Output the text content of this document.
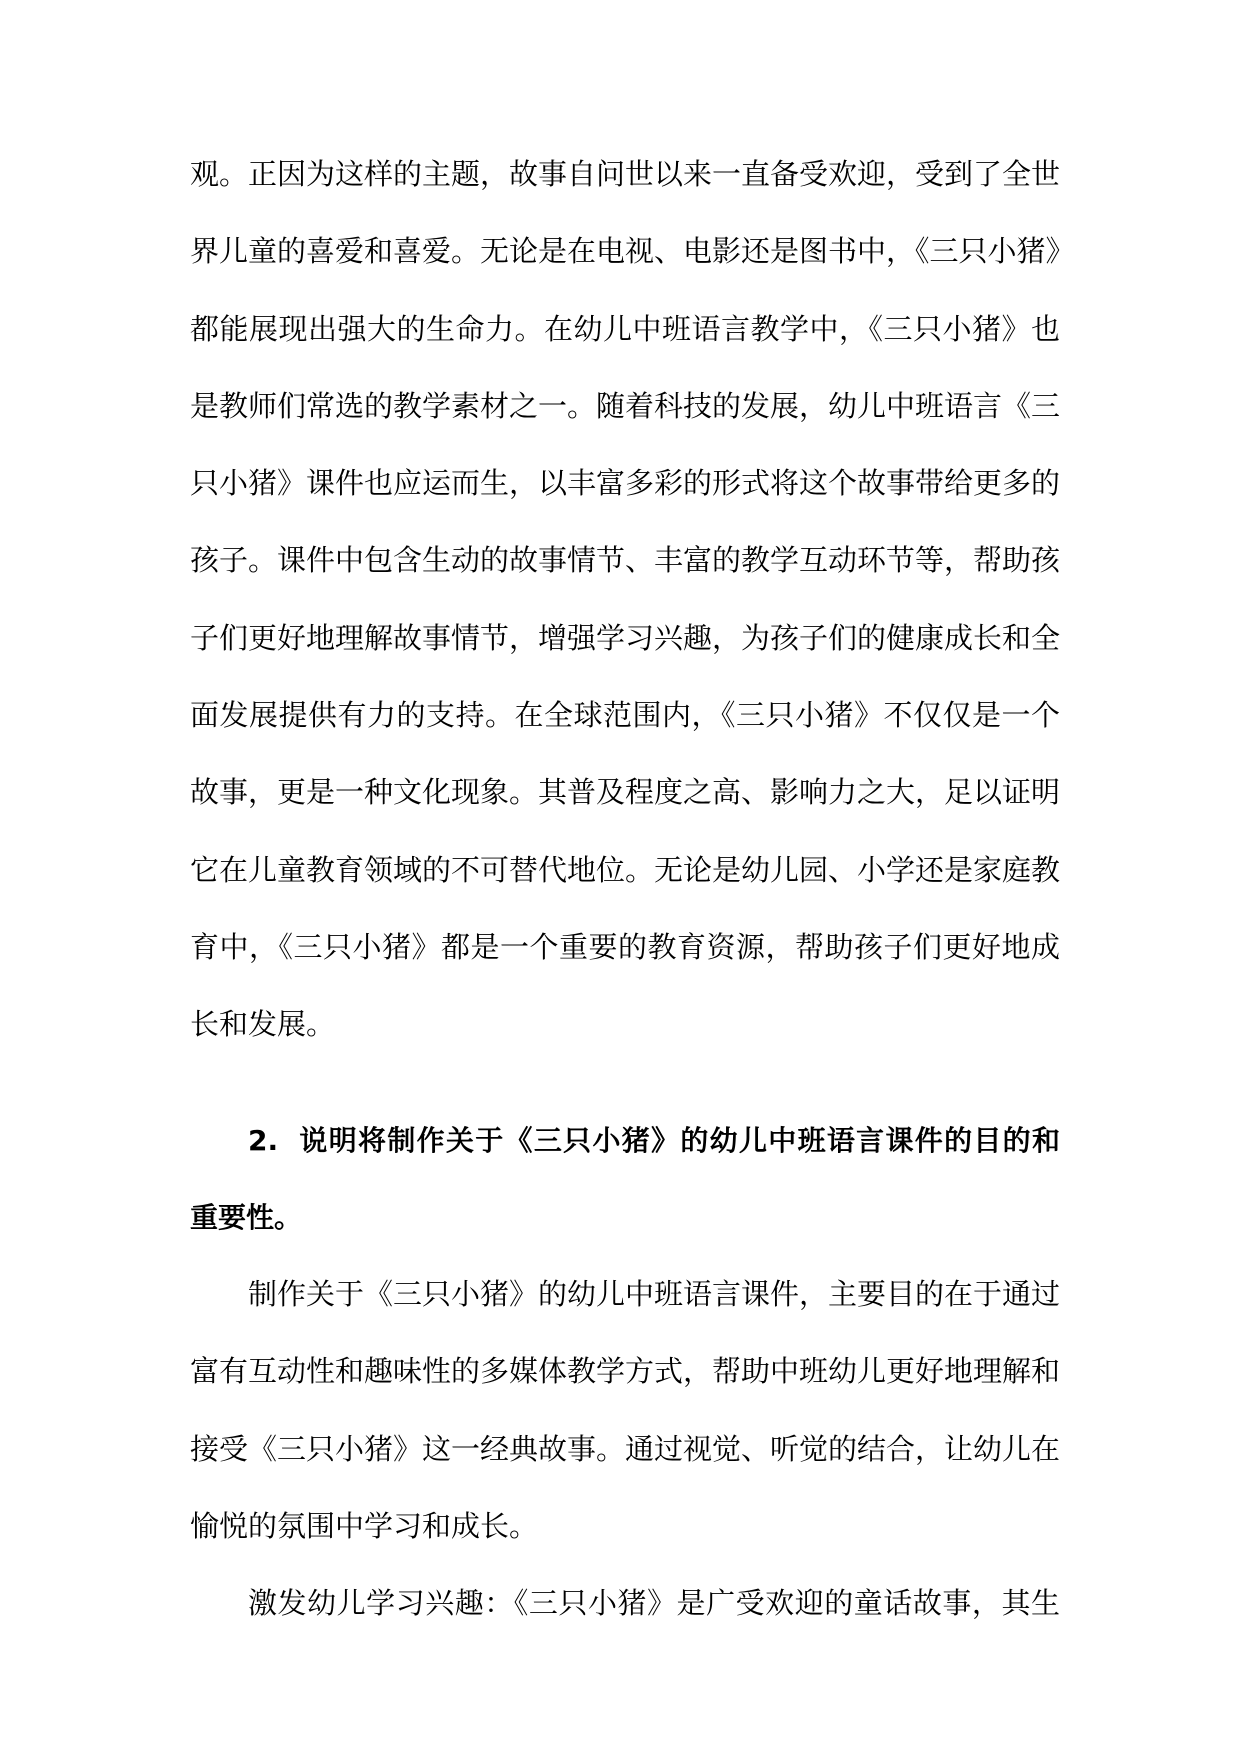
观。正因为这样的主题，故事自问世以来一直备受欢迎，受到了全世
界儿童的喜爱和喜爱。无论是在电视、电影还是图书中，《三只小猪》
都能展现出强大的生命力。在幼儿中班语言教学中，《三只小猪》也
是教师们常选的教学素材之一。随着科技的发展，幼儿中班语言《三
只小猪》课件也应运而生，以丰富多彩的形式将这个故事带给更多的
孩子。课件中包含生动的故事情节、丰富的教学互动环节等，帮助孩
子们更好地理解故事情节，增强学习兴趣，为孩子们的健康成长和全
面发展提供有力的支持。在全球范围内，《三只小猪》不仅仅是一个
故事，更是一种文化现象。其普及程度之高、影响力之大，足以证明
它在儿童教育领域的不可替代地位。无论是幼儿园、小学还是家庭教
育中，《三只小猪》都是一个重要的教育资源，帮助孩子们更好地成
长和发展。
2. 说明将制作关于《三只小猪》的幼儿中班语言课件的目的和
重要性。
制作关于《三只小猪》的幼儿中班语言课件，主要目的在于通过
富有互动性和趣味性的多媒体教学方式，帮助中班幼儿更好地理解和
接受《三只小猪》这一经典故事。通过视觉、听觉的结合，让幼儿在
愉悦的氛围中学习和成长。
激发幼儿学习兴趣：《三只小猪》是广受欢迎的童话故事，其生
